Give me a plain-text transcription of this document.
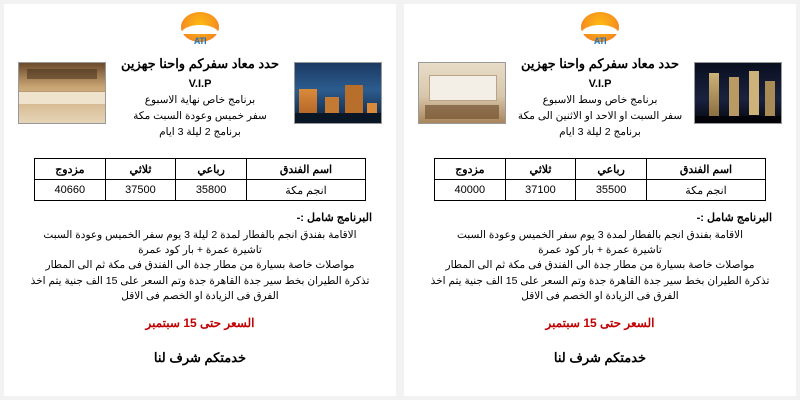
ATI
حدد معاد سفركم واحنا جهزين
V.I.P
برنامج خاص نهاية الاسبوع
سفر خميس وعودة السبت مكة
برنامج 2 ليلة 3 ايام
اسم الفندق	رباعي	ثلاثي	مزدوج
انجم مكة	35800	37500	40660
البرنامج شامل :-
الاقامة بفندق انجم بالفطار لمدة 2 ليلة 3 يوم سفر الخميس وعودة السبت
تاشيرة عمرة + بار كود عمرة
مواصلات خاصة بسيارة من مطار جدة الى الفندق فى مكة ثم الى المطار
تذكرة الطيران بخط سير جدة القاهرة جدة وتم السعر على 15 الف جنية يتم اخذ الفرق فى الزيادة او الخصم فى الاقل
السعر حتى 15 سبتمبر
خدمتكم شرف لنا
ATI
حدد معاد سفركم واحنا جهزين
V.I.P
برنامج خاص وسط الاسبوع
سفر السبت او الاحد او الاثنين الى مكة
برنامج 2 ليلة 3 ايام
اسم الفندق	رباعي	ثلاثي	مزدوج
انجم مكة	35500	37100	40000
البرنامج شامل :-
الاقامة بفندق انجم بالفطار لمدة 3 يوم سفر الخميس وعودة السبت
تاشيرة عمرة + بار كود عمرة
مواصلات خاصة بسيارة من مطار جدة الى الفندق فى مكة ثم الى المطار
تذكرة الطيران بخط سير جدة القاهرة جدة وتم السعر على 15 الف جنية يتم اخذ الفرق فى الزيادة او الخصم فى الاقل
السعر حتى 15 سبتمبر
خدمتكم شرف لنا
